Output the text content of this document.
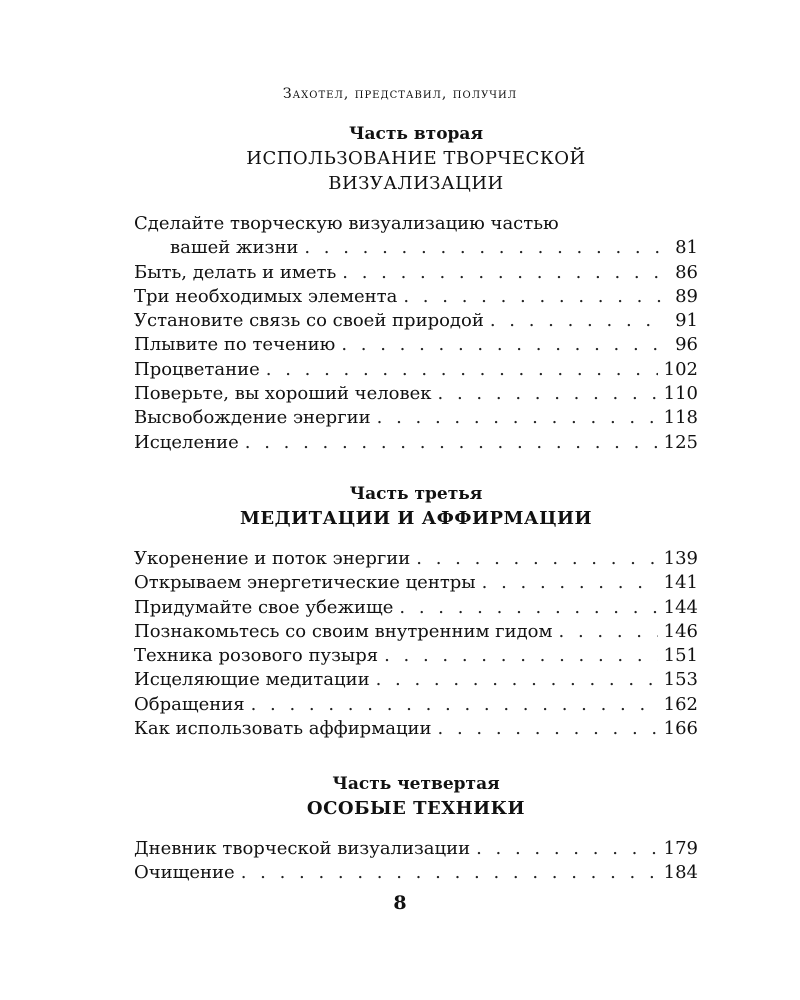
Захотел, представил, получил
Часть вторая
ИСПОЛЬЗОВАНИЕ ТВОРЧЕСКОЙ
ВИЗУАЛИЗАЦИИ
Сделайте творческую визуализацию частью
вашей жизни . . .	81
Быть, делать и иметь . . .	86
Три необходимых элемента . . .	89
Установите связь со своей природой . . .	91
Плывите по течению . . .	96
Процветание . . .	102
Поверьте, вы хороший человек . . .	110
Высвобождение энергии . . .	118
Исцеление . . .	125
Часть третья
МЕДИТАЦИИ И АФФИРМАЦИИ
Укоренение и поток энергии . . .	139
Открываем энергетические центры . . .	141
Придумайте свое убежище . . .	144
Познакомьтесь со своим внутренним гидом . . .	146
Техника розового пузыря . . .	151
Исцеляющие медитации . . .	153
Обращения . . .	162
Как использовать аффирмации . . .	166
Часть четвертая
ОСОБЫЕ ТЕХНИКИ
Дневник творческой визуализации . . .	179
Очищение . . .	184
8
